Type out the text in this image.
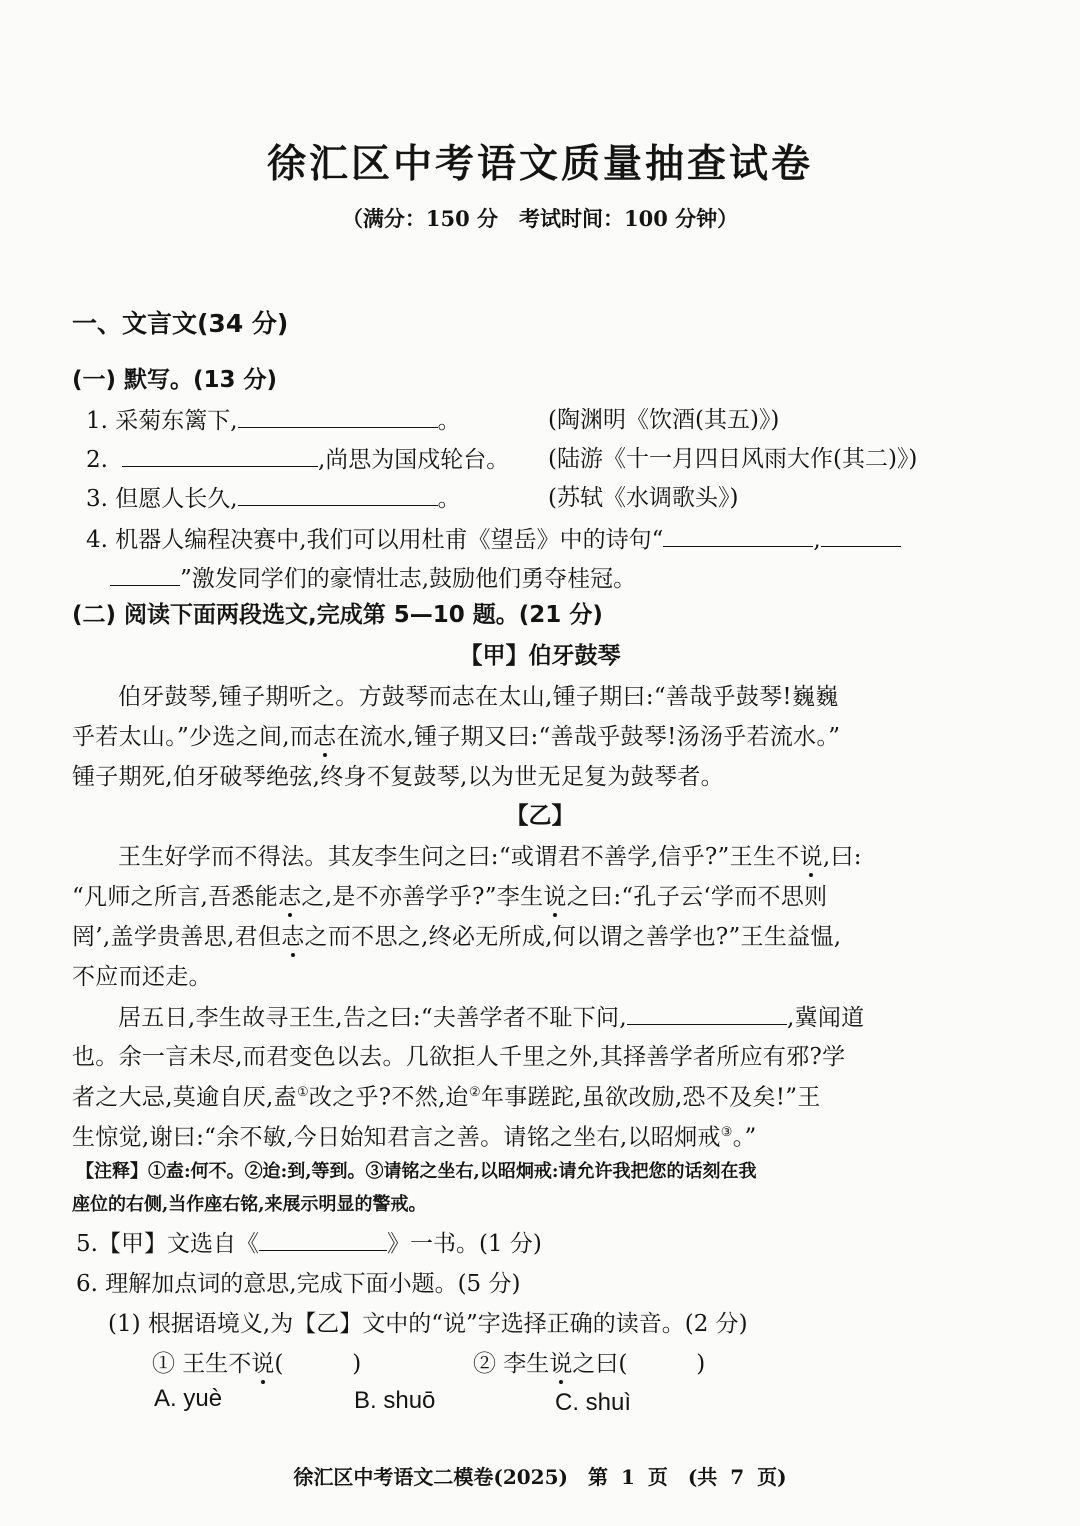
徐汇区中考语文质量抽查试卷
（满分：150 分　考试时间：100 分钟）
一、文言文(34 分)
(一) 默写。(13 分)
1. 采菊东篱下,	。	(陶渊明《饮酒(其五)》)
2.	,尚思为国戍轮台。 (陆游《十一月四日风雨大作(其二)》)
3. 但愿人长久,	。	(苏轼《水调歌头》)
4. 机器人编程决赛中,我们可以用杜甫《望岳》中的诗句“	,
”激发同学们的豪情壮志,鼓励他们勇夺桂冠。
(二) 阅读下面两段选文,完成第 5—10 题。(21 分)
【甲】伯牙鼓琴
伯牙鼓琴,锺子期听之。方鼓琴而志在太山,锺子期曰:“善哉乎鼓琴!巍巍
乎若太山。”少选之间,而志在流水,锺子期又曰:“善哉乎鼓琴!汤汤乎若流水。”
锺子期死,伯牙破琴绝弦,终身不复鼓琴,以为世无足复为鼓琴者。
【乙】
王生好学而不得法。其友李生问之曰:“或谓君不善学,信乎?”王生不说,曰:
“凡师之所言,吾悉能志之,是不亦善学乎?”李生说之曰:“孔子云‘学而不思则
罔’,盖学贵善思,君但志之而不思之,终必无所成,何以谓之善学也?”王生益愠,
不应而还走。
居五日,李生故寻王生,告之曰:“夫善学者不耻下问,	,冀闻道
也。余一言未尽,而君变色以去。几欲拒人千里之外,其择善学者所应有邪?学
者之大忌,莫逾自厌,盍①改之乎?不然,迨②年事蹉跎,虽欲改励,恐不及矣!”王
生惊觉,谢曰:“余不敏,今日始知君言之善。请铭之坐右,以昭炯戒③。”
【注释】①盍:何不。②迨:到,等到。③请铭之坐右,以昭炯戒:请允许我把您的话刻在我
座位的右侧,当作座右铭,来展示明显的警戒。
5.【甲】文选自《	》一书。(1 分)
6. 理解加点词的意思,完成下面小题。(5 分)
(1) 根据语境义,为【乙】文中的“说”字选择正确的读音。(2 分)
① 王生不说(　　　)	② 李生说之曰(　　　)
A. yuè	B. shuō	C. shuì
徐汇区中考语文二模卷(2025)　第 1 页　(共 7 页)
